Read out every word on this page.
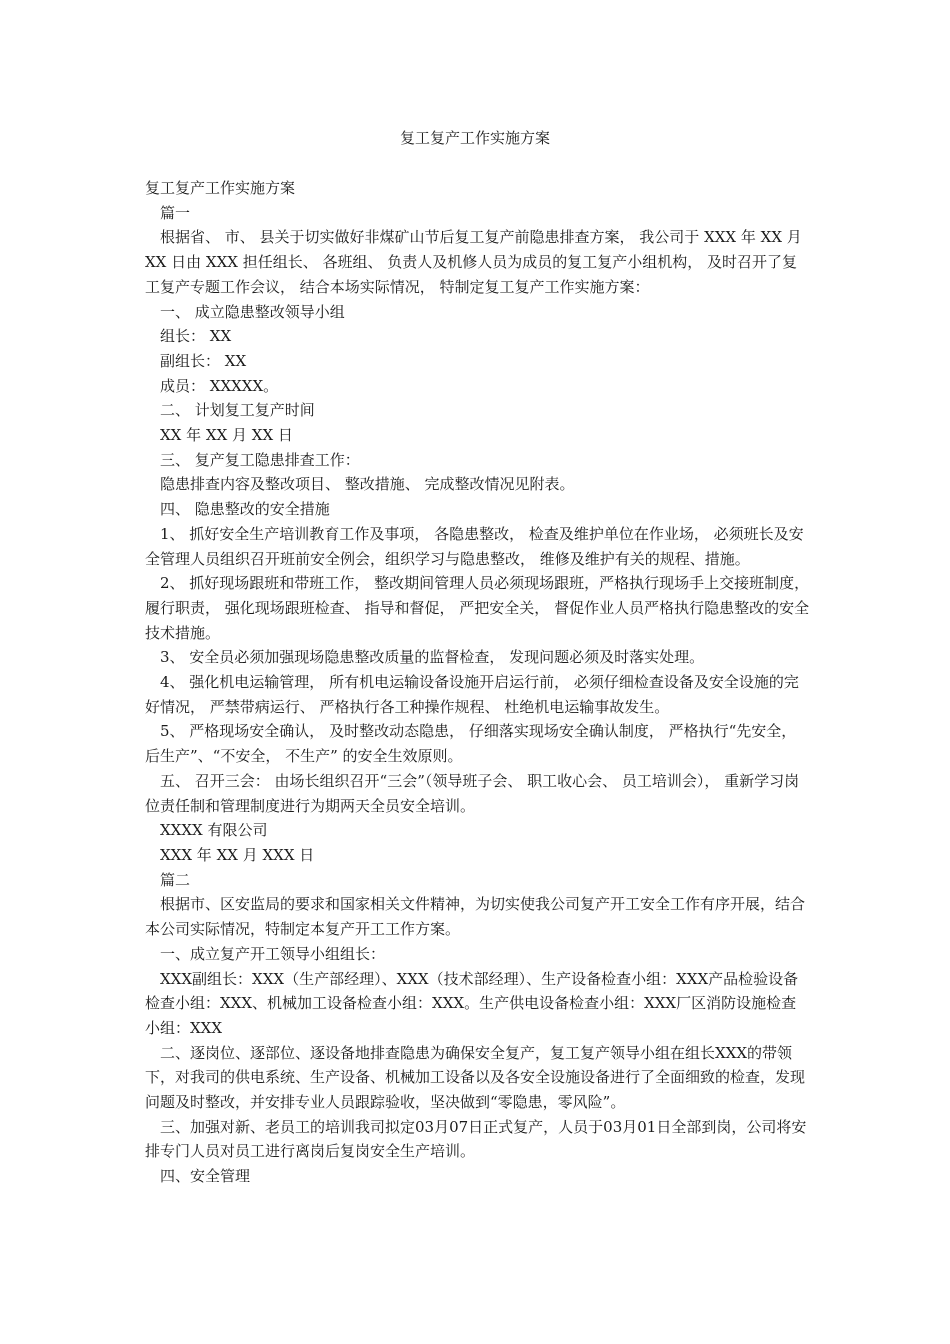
复工复产工作实施方案

复工复产工作实施方案

篇一

根据省、 市、 县关于切实做好非煤矿山节后复工复产前隐患排查方案， 我公司于 XXX 年 XX 月 XX 日由 XXX 担任组长、 各班组、 负责人及机修人员为成员的复工复产小组机构， 及时召开了复工复产专题工作会议， 结合本场实际情况， 特制定复工复产工作实施方案：

一、 成立隐患整改领导小组

组长： XX

副组长： XX

成员： XXXXX。

二、 计划复工复产时间

XX 年 XX 月 XX 日

三、 复产复工隐患排查工作：

隐患排查内容及整改项目、 整改措施、 完成整改情况见附表。

四、 隐患整改的安全措施

1、 抓好安全生产培训教育工作及事项， 各隐患整改， 检查及维护单位在作业场， 必须班长及安全管理人员组织召开班前安全例会，组织学习与隐患整改， 维修及维护有关的规程、措施。

2、 抓好现场跟班和带班工作， 整改期间管理人员必须现场跟班，严格执行现场手上交接班制度， 履行职责， 强化现场跟班检查、 指导和督促， 严把安全关， 督促作业人员严格执行隐患整改的安全技术措施。

3、 安全员必须加强现场隐患整改质量的监督检查， 发现问题必须及时落实处理。

4、 强化机电运输管理， 所有机电运输设备设施开启运行前， 必须仔细检查设备及安全设施的完好情况， 严禁带病运行、 严格执行各工种操作规程、 杜绝机电运输事故发生。

5、 严格现场安全确认， 及时整改动态隐患， 仔细落实现场安全确认制度， 严格执行“先安全， 后生产”、“不安全， 不生产” 的安全生效原则。

五、 召开三会： 由场长组织召开“三会”（领导班子会、 职工收心会、 员工培训会）， 重新学习岗位责任制和管理制度进行为期两天全员安全培训。

XXXX 有限公司

XXX 年 XX 月 XXX 日

篇二

根据市、区安监局的要求和国家相关文件精神，为切实使我公司复产开工安全工作有序开展，结合本公司实际情况，特制定本复产开工工作方案。

一、成立复产开工领导小组组长：

XXX副组长：XXX（生产部经理）、XXX（技术部经理）、生产设备检查小组：XXX产品检验设备检查小组：XXX、机械加工设备检查小组：XXX。生产供电设备检查小组：XXX厂区消防设施检查小组：XXX

二、逐岗位、逐部位、逐设备地排查隐患为确保安全复产，复工复产领导小组在组长XXX的带领下，对我司的供电系统、生产设备、机械加工设备以及各安全设施设备进行了全面细致的检查，发现问题及时整改，并安排专业人员跟踪验收，坚决做到“零隐患，零风险”。

三、加强对新、老员工的培训我司拟定03月07日正式复产，人员于03月01日全部到岗，公司将安排专门人员对员工进行离岗后复岗安全生产培训。

四、安全管理
